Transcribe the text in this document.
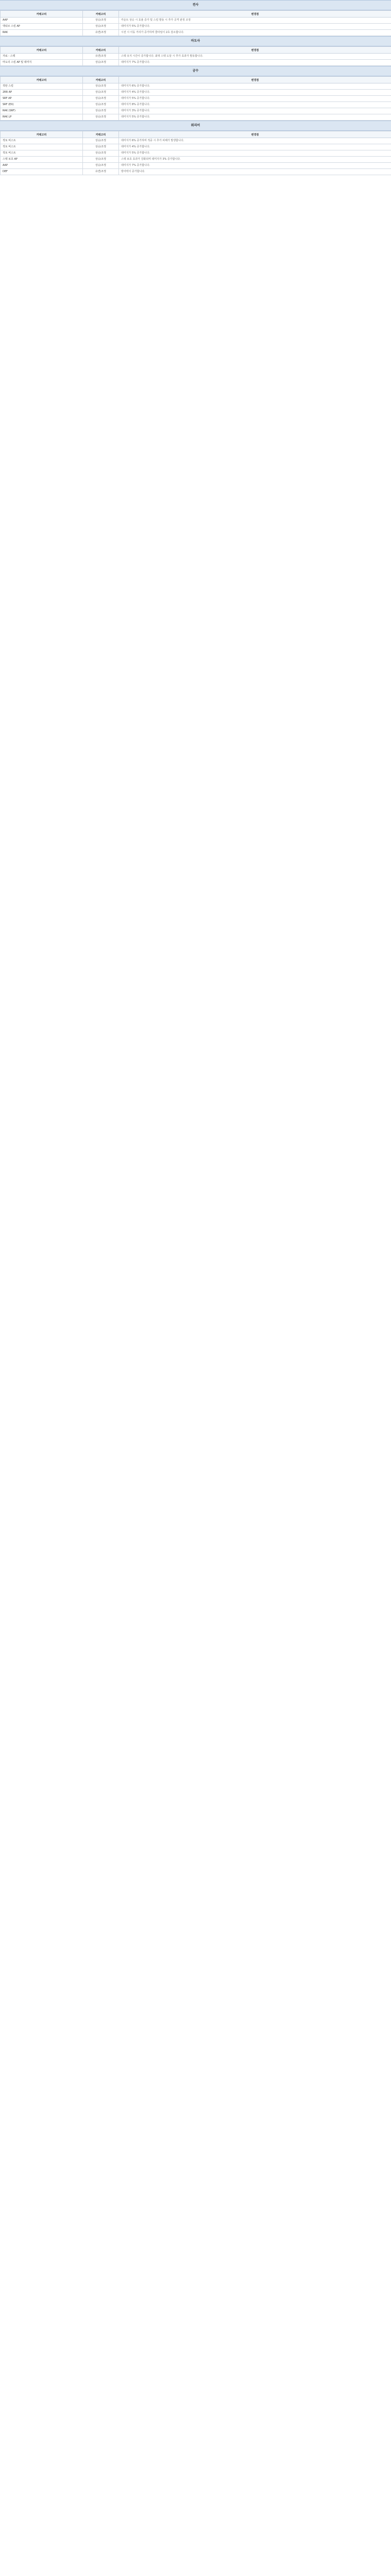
전사
카테고리	카테고리	변경점
AAP	상승/조정	카운트 상승 시 효율 증가 및 스킬 발동 시 추가 공격 판정 조정
액티브 스킬 AP	상승/조정	데미지가 5% 증가합니다.
RAK	유연/조정	시전 시 이동 거리가 증가하며 쿨타임이 2초 감소합니다.
마도사
카테고리	카테고리	변경점
자료 - 스택	유연/조정	스택 유지 시간이 증가합니다. 최대 스택 도달 시 추가 효과가 발동합니다.
마도의 스킬 AP 및 데미지	상승/조정	데미지가 7% 증가합니다.
궁수
카테고리	카테고리	변경점
적탄 스킬	상승/조정	데미지가 6% 증가합니다.
2RR AP	상승/조정	데미지가 4% 증가합니다.
SRF AP	상승/조정	데미지가 5% 증가합니다.
SRF (EX)	상승/조정	데미지가 8% 증가합니다.
RAK (SRF)	상승/조정	데미지가 3% 증가합니다.
RAK LP	상승/조정	데미지가 5% 증가합니다.
워리어
카테고리	카테고리	변경점
적토 비스트	상승/조정	데미지가 6% 증가하며 적중 시 추가 피해가 발생합니다.
적토 비스트	상승/조정	데미지가 4% 증가합니다.
적토 비스트	상승/조정	데미지가 5% 증가합니다.
스택 보호 AP	상승/조정	스택 보호 효과가 강화되며 데미지가 3% 증가합니다.
AAP	상승/조정	데미지가 7% 증가합니다.
DEF	유연/조정	방어력이 증가합니다.
